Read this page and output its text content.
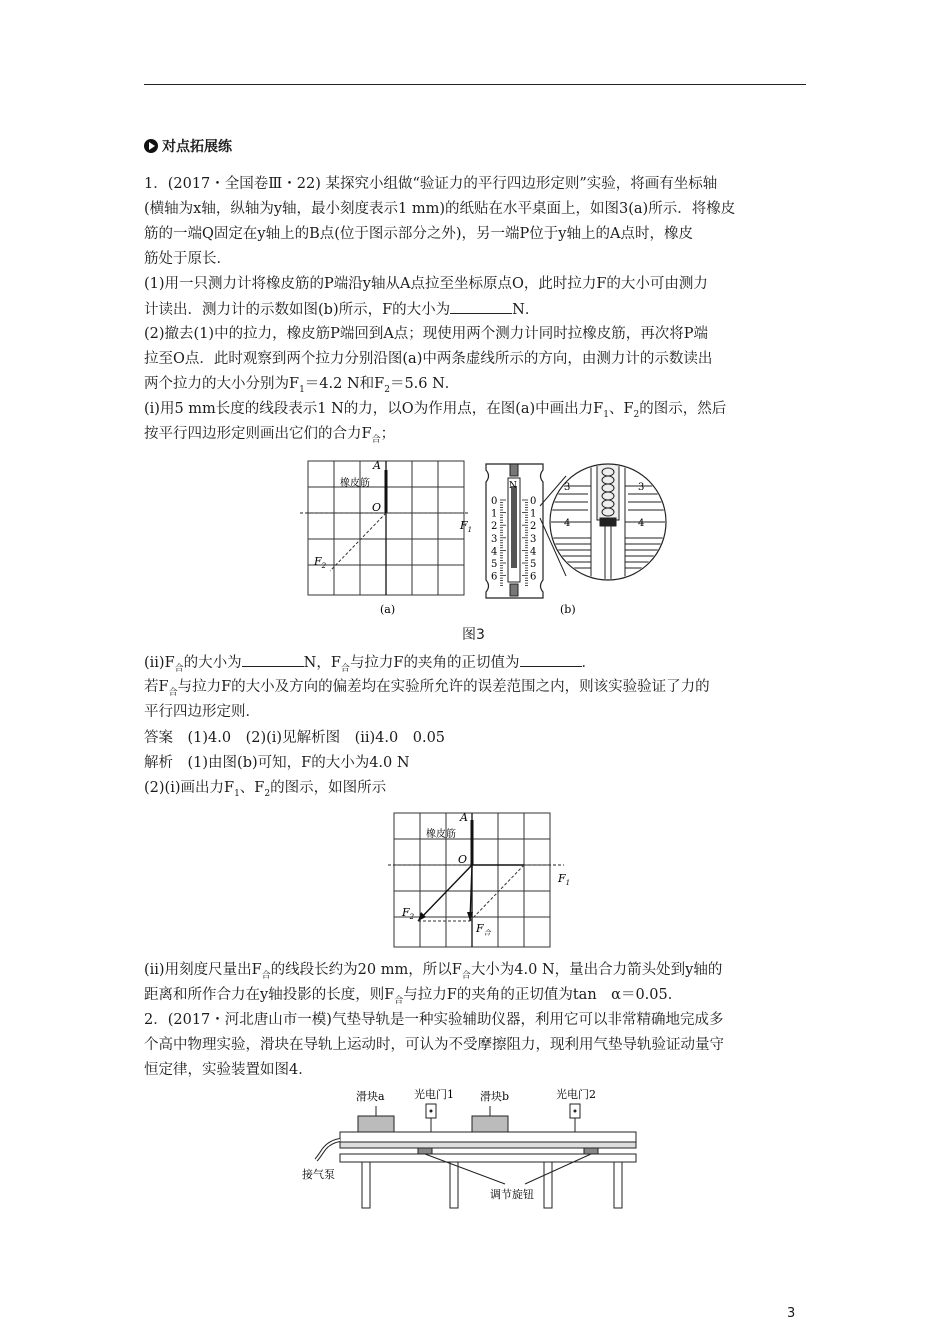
对点拓展练
1．(2017・全国卷Ⅲ・22) 某探究小组做“验证力的平行四边形定则”实验，将画有坐标轴
(横轴为x轴，纵轴为y轴，最小刻度表示1 mm)的纸贴在水平桌面上，如图3(a)所示．将橡皮
筋的一端Q固定在y轴上的B点(位于图示部分之外)，另一端P位于y轴上的A点时，橡皮
筋处于原长．
(1)用一只测力计将橡皮筋的P端沿y轴从A点拉至坐标原点O，此时拉力F的大小可由测力
计读出．测力计的示数如图(b)所示，F的大小为	N．
(2)撤去(1)中的拉力，橡皮筋P端回到A点；现使用两个测力计同时拉橡皮筋，再次将P端
拉至O点．此时观察到两个拉力分别沿图(a)中两条虚线所示的方向，由测力计的示数读出
两个拉力的大小分别为$F_1=4.2$ N和$F_2=5.6$ N．
(ⅰ)用5 mm长度的线段表示1 N的力，以O为作用点，在图(a)中画出力$F_1$、$F_2$的图示，然后
按平行四边形定则画出它们的合力$F_合$；
A
橡皮筋
O
$F_1$
$F_2$
(a)
N
0
1
2
3
4
5
6
0
1
2
3
4
5
6
3
4
3
4
(b)
图3
$(ⅱ)F_合$的大小为	N，$F_合$与拉力F的夹角的正切值为	．
若$F_合$与拉力F的大小及方向的偏差均在实验所允许的误差范围之内，则该实验验证了力的
平行四边形定则．
答案　(1)4.0　(2)(ⅰ)见解析图　(ⅱ)4.0　0.05
解析　(1)由图(b)可知，F的大小为4.0 N
(2)(ⅰ)画出力$F_1$、$F_2$的图示，如图所示
A
橡皮筋
O
$F_1$
$F_2$
$F_合$
(ⅱ)用刻度尺量出$F_合$的线段长约为20 mm，所以$F_合$大小为4.0 N，量出合力箭头处到y轴的
距离和所作合力在y轴投影的长度，则$F_合$与拉力F的夹角的正切值为tan　α＝0.05．
2．(2017・河北唐山市一模)气垫导轨是一种实验辅助仪器，利用它可以非常精确地完成多
个高中物理实验，滑块在导轨上运动时，可认为不受摩擦阻力，现利用气垫导轨验证动量守
恒定律，实验装置如图4．
滑块a	光电门1 滑块b	光电门2
接气泵
调节旋钮
3
